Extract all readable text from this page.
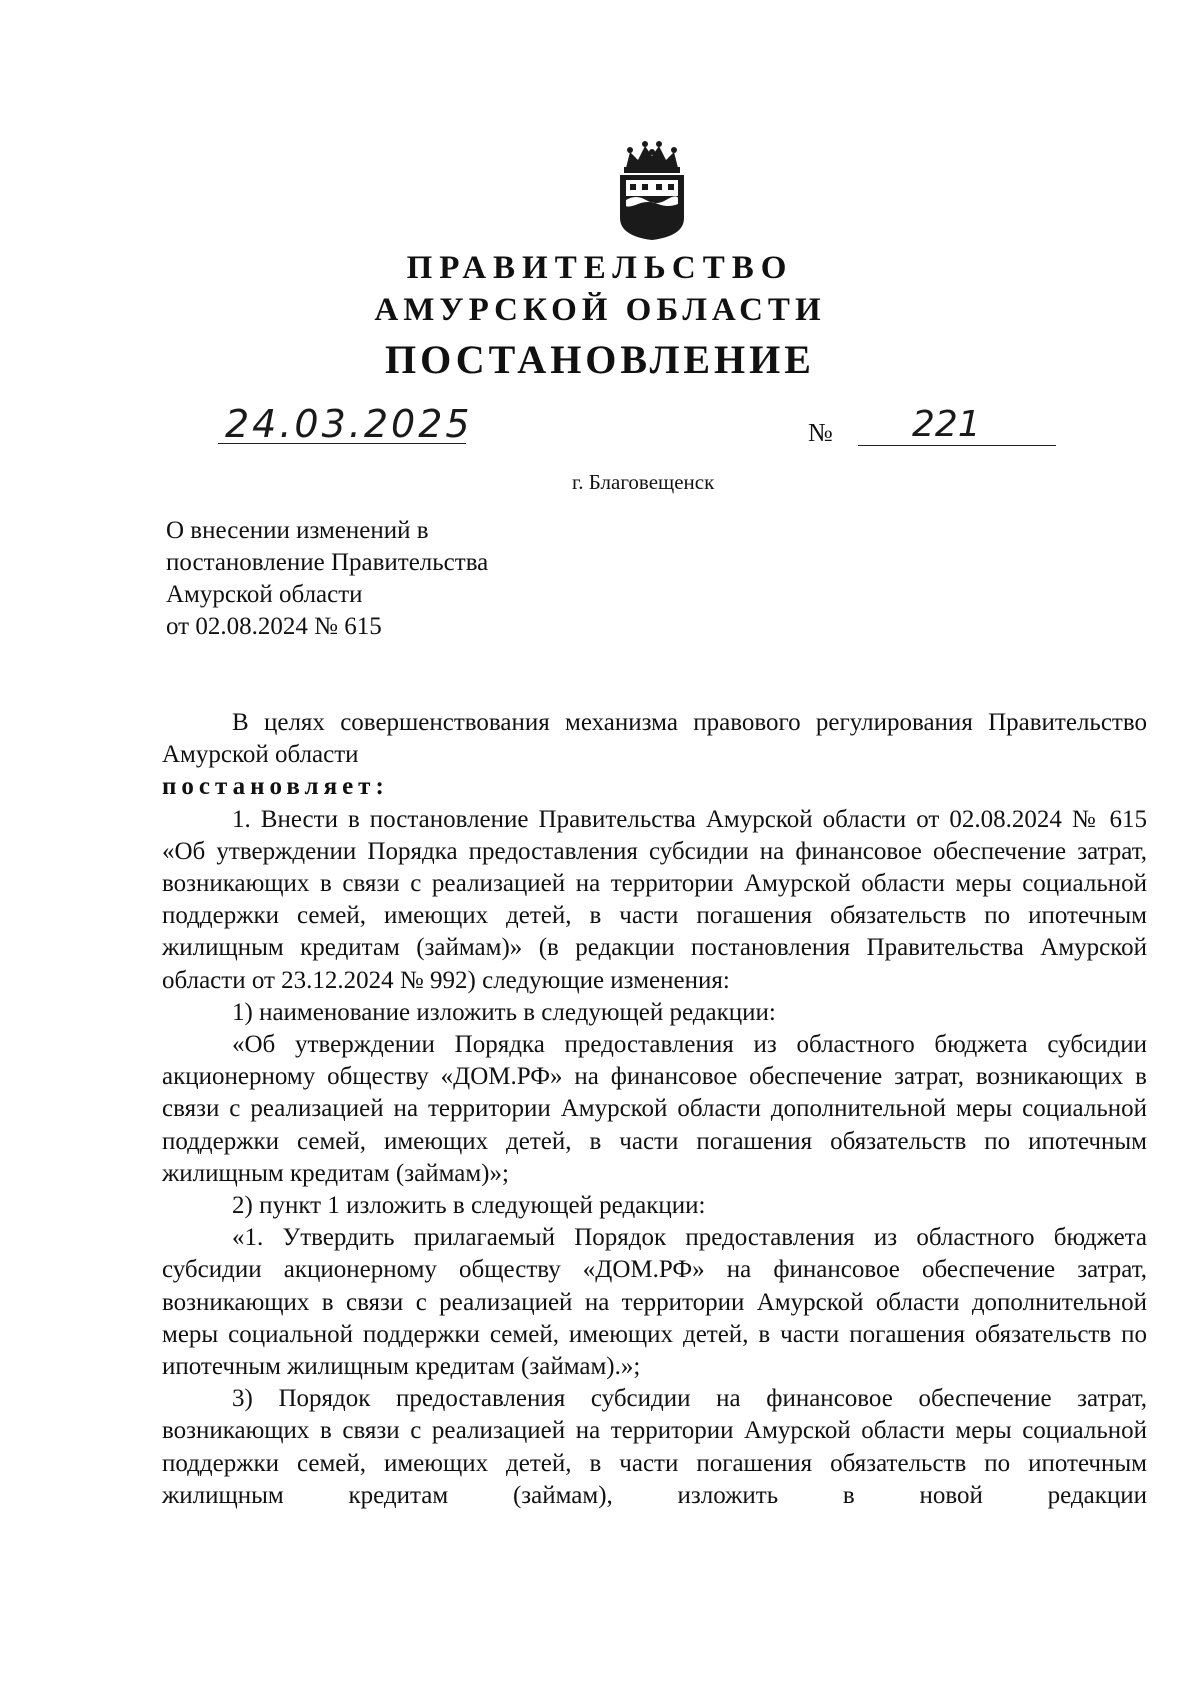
ПРАВИТЕЛЬСТВО
АМУРСКОЙ ОБЛАСТИ
ПОСТАНОВЛЕНИЕ
24.03.2025	№ 221
г. Благовещенск
О внесении изменений в
постановление Правительства
Амурской области
от 02.08.2024 № 615

В целях совершенствования механизма правового регулирования Правительство Амурской области

постановляет:

1. Внести в постановление Правительства Амурской области от 02.08.2024 № 615 «Об утверждении Порядка предоставления субсидии на финансовое обеспечение затрат, возникающих в связи с реализацией на территории Амурской области меры социальной поддержки семей, имеющих детей, в части погашения обязательств по ипотечным жилищным кредитам (займам)» (в редакции постановления Правительства Амурской области от 23.12.2024 № 992) следующие изменения:

1) наименование изложить в следующей редакции:

«Об утверждении Порядка предоставления из областного бюджета субсидии акционерному обществу «ДОМ.РФ» на финансовое обеспечение затрат, возникающих в связи с реализацией на территории Амурской области дополнительной меры социальной поддержки семей, имеющих детей, в части погашения обязательств по ипотечным жилищным кредитам (займам)»;

2) пункт 1 изложить в следующей редакции:

«1. Утвердить прилагаемый Порядок предоставления из областного бюджета субсидии акционерному обществу «ДОМ.РФ» на финансовое обеспечение затрат, возникающих в связи с реализацией на территории Амурской области дополнительной меры социальной поддержки семей, имеющих детей, в части погашения обязательств по ипотечным жилищным кредитам (займам).»;

3) Порядок предоставления субсидии на финансовое обеспечение затрат, возникающих в связи с реализацией на территории Амурской области меры социальной поддержки семей, имеющих детей, в части погашения обязательств по ипотечным жилищным кредитам (займам), изложить в новой редакции
